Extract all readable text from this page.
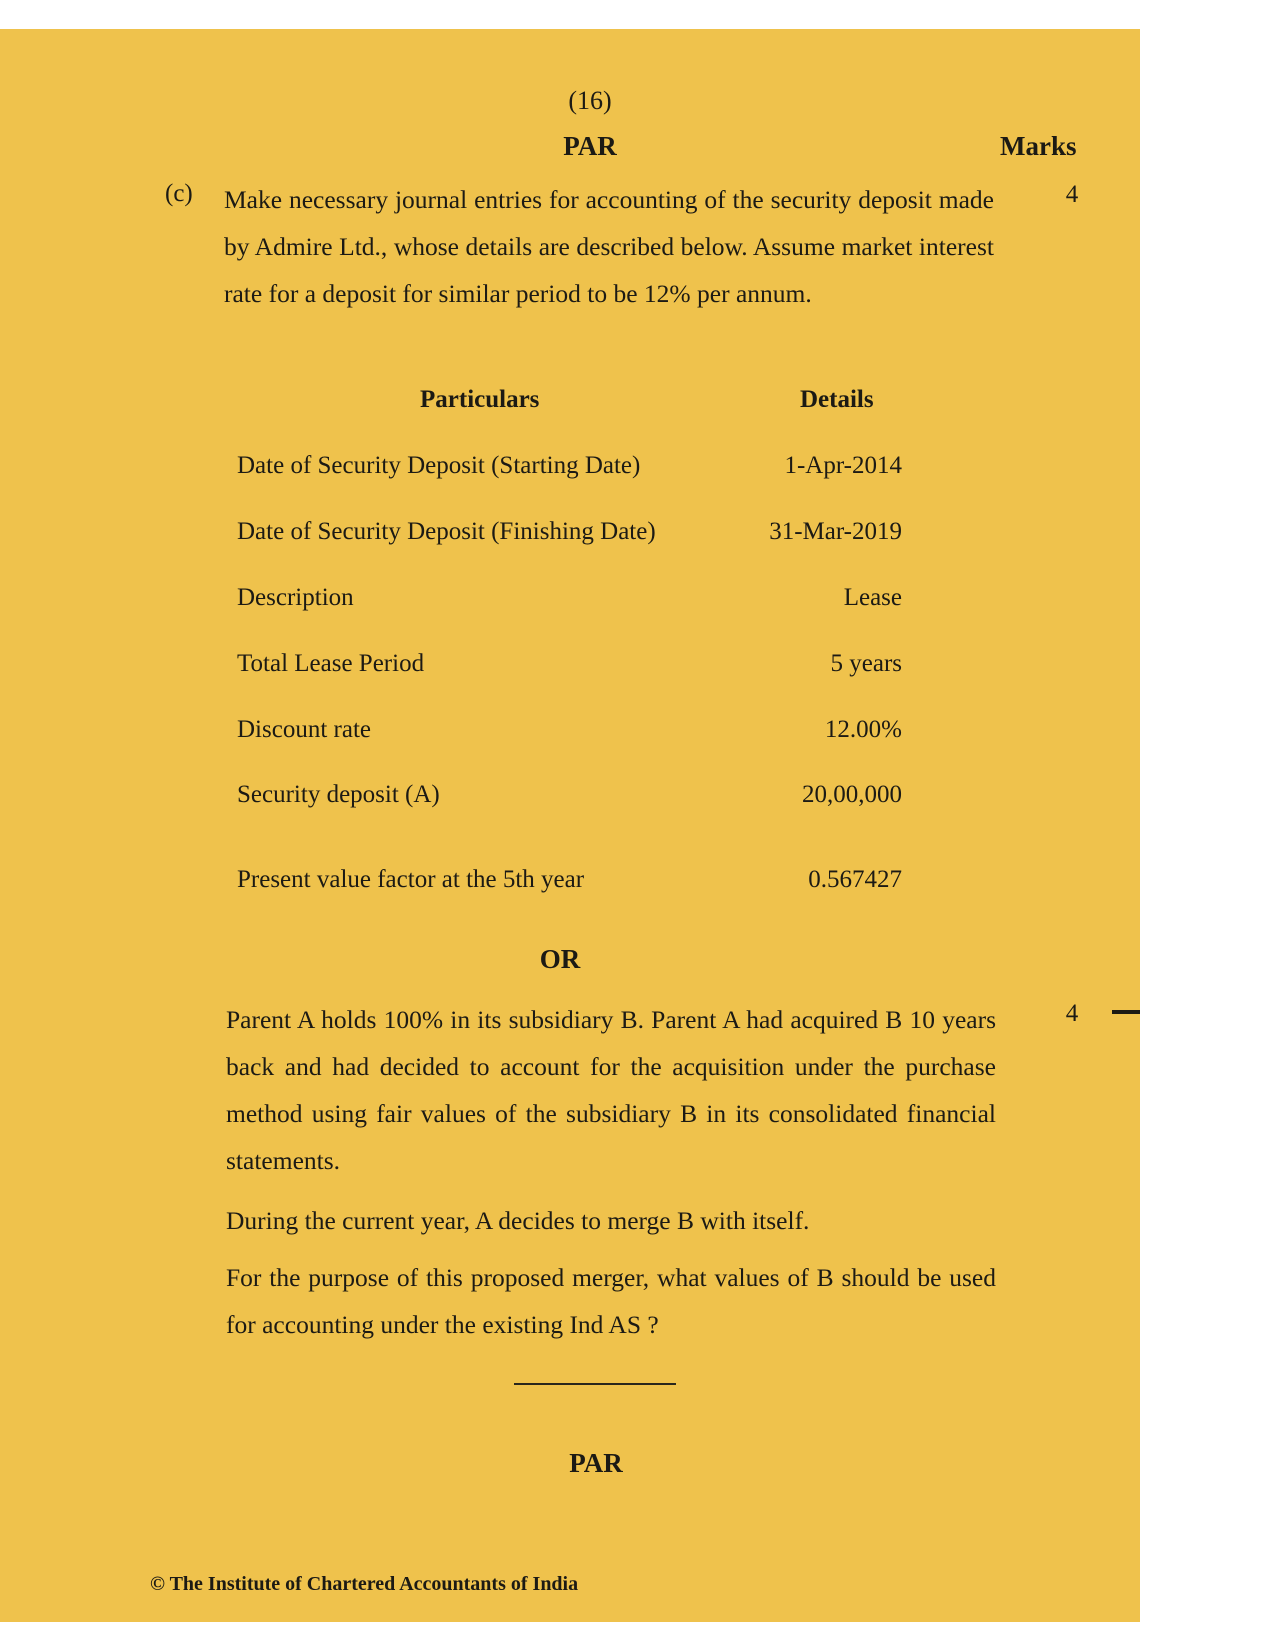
(16)
PAR	Marks
(c) Make necessary journal entries for accounting of the security deposit made by Admire Ltd., whose details are described below. Assume market interest rate for a deposit for similar period to be 12% per annum.

4
Particulars	Details
Date of Security Deposit (Starting Date)	1-Apr-2014
Date of Security Deposit (Finishing Date)	31-Mar-2019
Description	Lease
Total Lease Period	5 years
Discount rate	12.00%
Security deposit (A)	20,00,000
Present value factor at the 5th year	0.567427
OR

Parent A holds 100% in its subsidiary B. Parent A had acquired B 10 years back and had decided to account for the acquisition under the purchase method using fair values of the subsidiary B in its consolidated financial statements.

4

During the current year, A decides to merge B with itself.

For the purpose of this proposed merger, what values of B should be used for accounting under the existing Ind AS ?

PAR
© The Institute of Chartered Accountants of India
